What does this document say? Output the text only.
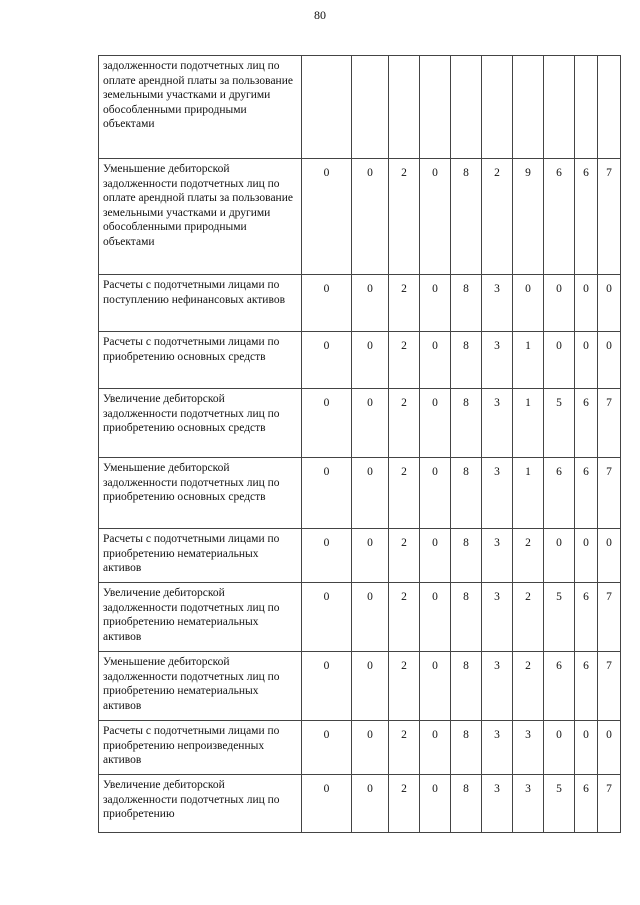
80
задолженности подотчетных лиц по оплате арендной платы за пользование земельными участками и другими обособленными природными объектами										
Уменьшение дебиторской задолженности подотчетных лиц по оплате арендной платы за пользование земельными участками и другими обособленными природными объектами	0	0	2	0	8	2	9	6	6	7
Расчеты с подотчетными лицами по поступлению нефинансовых активов	0	0	2	0	8	3	0	0	0	0
Расчеты с подотчетными лицами по приобретению основных средств	0	0	2	0	8	3	1	0	0	0
Увеличение дебиторской задолженности подотчетных лиц по приобретению основных средств	0	0	2	0	8	3	1	5	6	7
Уменьшение дебиторской задолженности подотчетных лиц по приобретению основных средств	0	0	2	0	8	3	1	6	6	7
Расчеты с подотчетными лицами по приобретению нематериальных активов	0	0	2	0	8	3	2	0	0	0
Увеличение дебиторской задолженности подотчетных лиц по приобретению нематериальных активов	0	0	2	0	8	3	2	5	6	7
Уменьшение дебиторской задолженности подотчетных лиц по приобретению нематериальных активов	0	0	2	0	8	3	2	6	6	7
Расчеты с подотчетными лицами по приобретению непроизведенных активов	0	0	2	0	8	3	3	0	0	0
Увеличение дебиторской задолженности подотчетных лиц по приобретению	0	0	2	0	8	3	3	5	6	7
